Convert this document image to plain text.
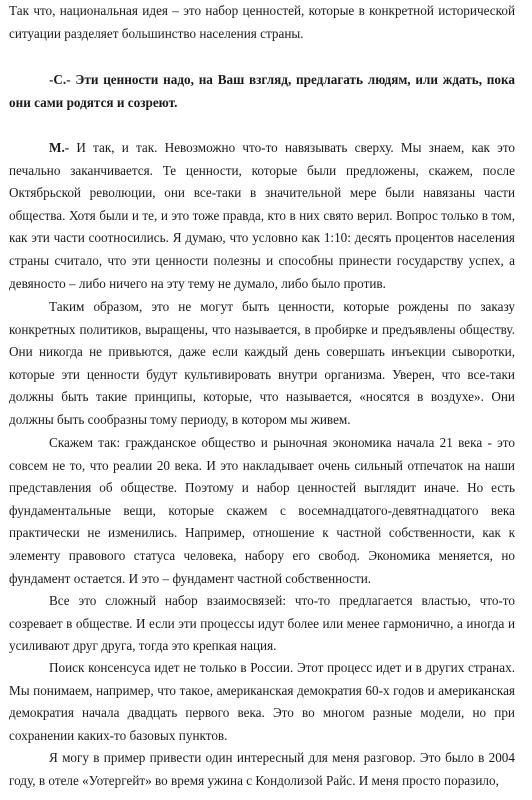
Так что, национальная идея – это набор ценностей, которые в конкретной исторической ситуации разделяет большинство населения страны.

-С.- Эти ценности надо, на Ваш взгляд, предлагать людям, или ждать, пока они сами родятся и созреют.

М.- И так, и так. Невозможно что-то навязывать сверху. Мы знаем, как это печально заканчивается. Те ценности, которые были предложены, скажем, после Октябрьской революции, они все-таки в значительной мере были навязаны части общества. Хотя были и те, и это тоже правда, кто в них свято верил. Вопрос только в том, как эти части соотносились. Я думаю, что условно как 1:10: десять процентов населения страны считало, что эти ценности полезны и способны принести государству успех, а девяносто – либо ничего на эту тему не думало, либо было против.

Таким образом, это не могут быть ценности, которые рождены по заказу конкретных политиков, выращены, что называется, в пробирке и предъявлены обществу. Они никогда не привьются, даже если каждый день совершать инъекции сыворотки, которые эти ценности будут культивировать внутри организма. Уверен, что все-таки должны быть такие принципы, которые, что называется, «носятся в воздухе». Они должны быть сообразны тому периоду, в котором мы живем.

Скажем так: гражданское общество и рыночная экономика начала 21 века - это совсем не то, что реалии 20 века. И это накладывает очень сильный отпечаток на наши представления об обществе. Поэтому и набор ценностей выглядит иначе. Но есть фундаментальные вещи, которые скажем с восемнадцатого-девятнадцатого века практически не изменились. Например, отношение к частной собственности, как к элементу правового статуса человека, набору его свобод. Экономика меняется, но фундамент остается. И это – фундамент частной собственности.

Все это сложный набор взаимосвязей: что-то предлагается властью, что-то созревает в обществе. И если эти процессы идут более или менее гармонично, а иногда и усиливают друг друга, тогда это крепкая нация.

Поиск консенсуса идет не только в России. Этот процесс идет и в других странах. Мы понимаем, например, что такое, американская демократия 60-х годов и американская демократия начала двадцать первого века. Это во многом разные модели, но при сохранении каких-то базовых пунктов.

Я могу в пример привести один интересный для меня разговор. Это было в 2004 году, в отеле «Уотергейт» во время ужина с Кондолизой Райс. И меня просто поразило,
